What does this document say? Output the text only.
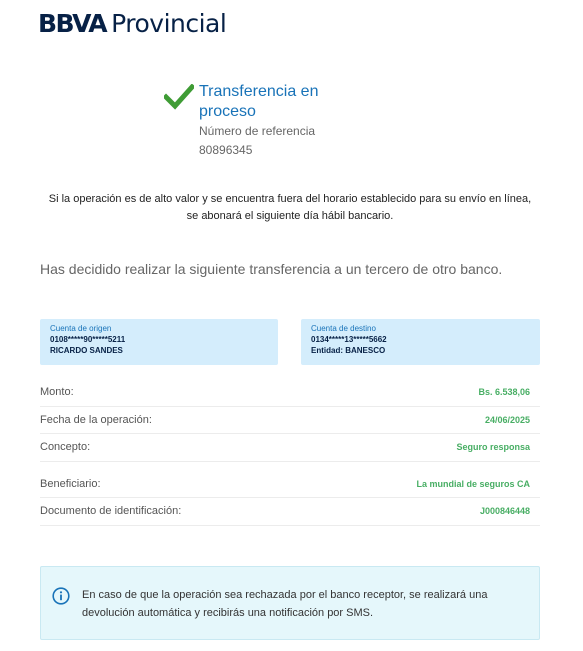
BBVA Provincial
Transferencia en proceso
Número de referencia
80896345
Si la operación es de alto valor y se encuentra fuera del horario establecido para su envío en línea,
se abonará el siguiente día hábil bancario.
Has decidido realizar la siguiente transferencia a un tercero de otro banco.
Cuenta de origen
0108*****90*****5211
RICARDO SANDES
Cuenta de destino
0134*****13*****5662
Entidad: BANESCO
Monto:	Bs. 6.538,06
Fecha de la operación:	24/06/2025
Concepto:	Seguro responsa
Beneficiario:	La mundial de seguros CA
Documento de identificación:	J000846448
En caso de que la operación sea rechazada por el banco receptor, se realizará una
devolución automática y recibirás una notificación por SMS.
